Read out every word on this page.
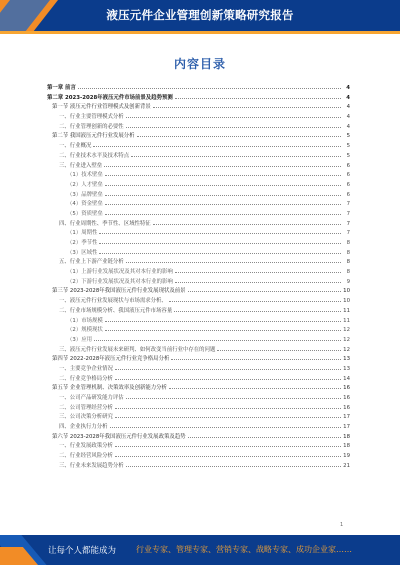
液压元件企业管理创新策略研究报告
内容目录
第一章 前言	4
第二章 2023-2028年液压元件市场前景及趋势预测	4
第一节 液压元件行业管理模式及创新背景	4
一、行业主要管理模式分析	4
二、行业管理创新的必要性	4
第二节 我国液压元件行业发展分析	5
一、行业概况	5
二、行业技术水平及技术特点	5
三、行业进入壁垒	6
（1）技术壁垒	6
（2）人才壁垒	6
（3）品牌壁垒	6
（4）资金壁垒	7
（5）资质壁垒	7
四、行业周期性、季节性、区域性特征	7
（1）周期性	7
（2）季节性	8
（3）区域性	8
五、行业上下游产业链分析	8
（1）上游行业发展状况及其对本行业的影响	8
（2）下游行业发展状况及其对本行业的影响	9
第三节 2023-2028年我国液压元件行业发展现状及前景	10
一、液压元件行业发展现状与市场需求分析、	10
二、行业市场规模分析、我国液压元件市场容量	11
（1）市场规模	11
（2）规模现状	12
（3）应用	12
三、液压元件行业发展未来研判、如何改变当前行业中存在的问题	12
第四节 2022-2028年液压元件行业竞争格局分析	13
一、主要竞争企业情况	13
二、行业竞争格局分析	14
第五节 企业管理机制、决策效率及创新能力分析	16
一、公司产品研发能力评估	16
二、公司管理经营分析	16
三、公司决策分析研究	17
四、企业执行力分析	17
第六节 2023-2028年我国液压元件行业发展政策及趋势	18
一、行业发展政策分析	18
二、行业经营风险分析	19
三、行业未来发展趋势分析	21
1
让每个人都能成为 行业专家、管理专家、营销专家、战略专家、成功企业家……
